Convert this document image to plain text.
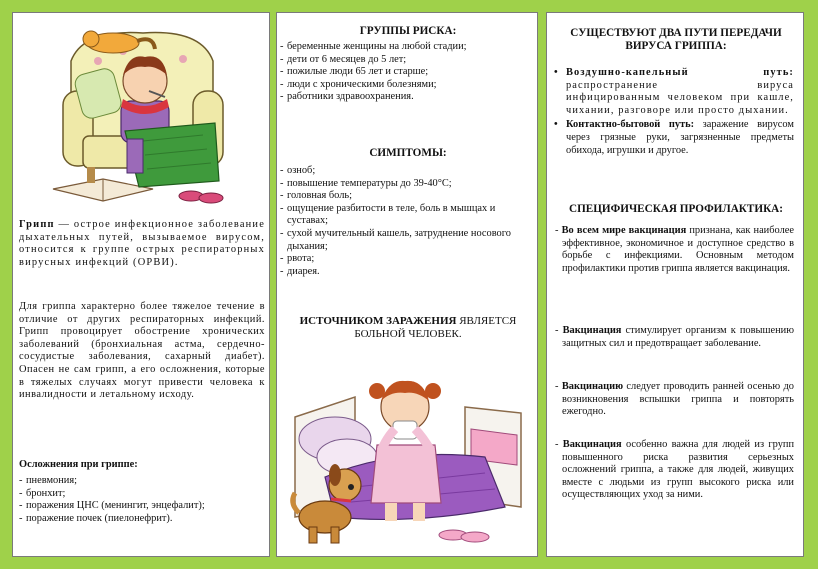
Грипп — острое инфекционное заболевание дыхательных путей, вызываемое вирусом, относится к группе острых респираторных вирусных инфекций (ОРВИ).
Для гриппа характерно более тяжелое течение в отличие от других респираторных инфекций. Грипп провоцирует обострение хронических заболеваний (бронхиальная астма, сердечно-сосудистые заболевания, сахарный диабет). Опасен не сам грипп, а его осложнения, которые в тяжелых случаях могут привести человека к инвалидности и летальному исходу.
Осложнения при гриппе:
- пневмония;
- бронхит;
- поражения ЦНС (менингит, энцефалит);
- поражение почек (пиелонефрит).
ГРУППЫ РИСКА:
- беременные женщины на любой стадии;
- дети от 6 месяцев до 5 лет;
- пожилые люди 65 лет и старше;
- люди с хроническими болезнями;
- работники здравоохранения.
СИМПТОМЫ:
- озноб;
- повышение температуры до 39-40°С;
- головная боль;
- ощущение разбитости в теле, боль в мышцах и суставах;
- сухой мучительный кашель, затруднение носового дыхания;
- рвота;
- диарея.
ИСТОЧНИКОМ ЗАРАЖЕНИЯ ЯВЛЯЕТСЯ БОЛЬНОЙ ЧЕЛОВЕК.
СУЩЕСТВУЮТ ДВА ПУТИ ПЕРЕДАЧИ ВИРУСА ГРИППА:
• Воздушно-капельный путь: распространение вируса инфицированным человеком при кашле, чихании, разговоре или просто дыхании.
• Контактно-бытовой путь: заражение вирусом через грязные руки, загрязненные предметы обихода, игрушки и другое.
СПЕЦИФИЧЕСКАЯ ПРОФИЛАКТИКА:
- Во всем мире вакцинация признана, как наиболее эффективное, экономичное и доступное средство в борьбе с инфекциями. Основным методом профилактики против гриппа является вакцинация.
- Вакцинация стимулирует организм к повышению защитных сил и предотвращает заболевание.
- Вакцинацию следует проводить ранней осенью до возникновения вспышки гриппа и повторять ежегодно.
- Вакцинация особенно важна для людей из групп повышенного риска развития серьезных осложнений гриппа, а также для людей, живущих вместе с людьми из групп высокого риска или осуществляющих уход за ними.
